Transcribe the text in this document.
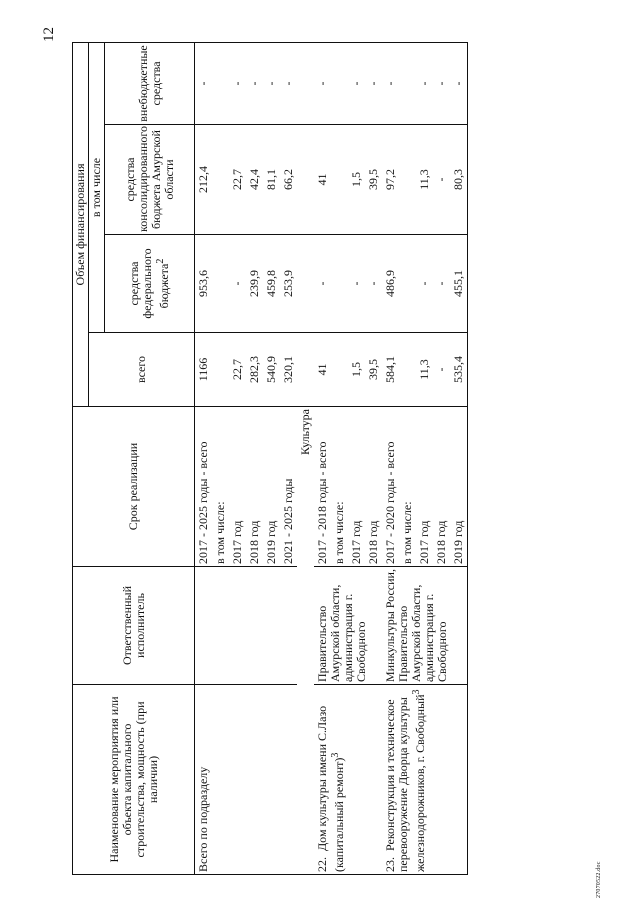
12
27070522.doc
Наименование мероприятия или объекта капитального строительства, мощность (при наличии)	Ответственный исполнитель	Срок реализации	Объем финансирования			
			всего	в том числе		
				средства федерального бюджета$^2$	средства консолидированного бюджета Амурской области	внебюджетные средства
Всего по подразделу		2017 - 2025 годы - всего	1166	953,6	212,4	-
		в том числе:				
		2017 год	22,7	-	22,7	-
		2018 год	282,3	239,9	42,4	-
		2019 год	540,9	459,8	81,1	-
		2021 - 2025 годы	320,1	253,9	66,2	-
Культура						
22.  Дом культуры имени С.Лазо (капитальный ремонт)$^3$	Правительство Амурской области, администрация г. Свободного	2017 - 2018 годы - всего	41	-	41	-
		в том числе:				
		2017 год	1,5	-	1,5	-
		2018 год	39,5	-	39,5	-
23.  Реконструкция и техническое перевооружение Дворца культуры железнодорожников, г. Свободный$^3$	Минкультуры России, Правительство Амурской области, администрация г. Свободного	2017 - 2020 годы - всего	584,1	486,9	97,2	-
		в том числе:				
		2017 год	11,3	-	11,3	-
		2018 год	-	-	-	-
		2019 год	535,4	455,1	80,3	-
